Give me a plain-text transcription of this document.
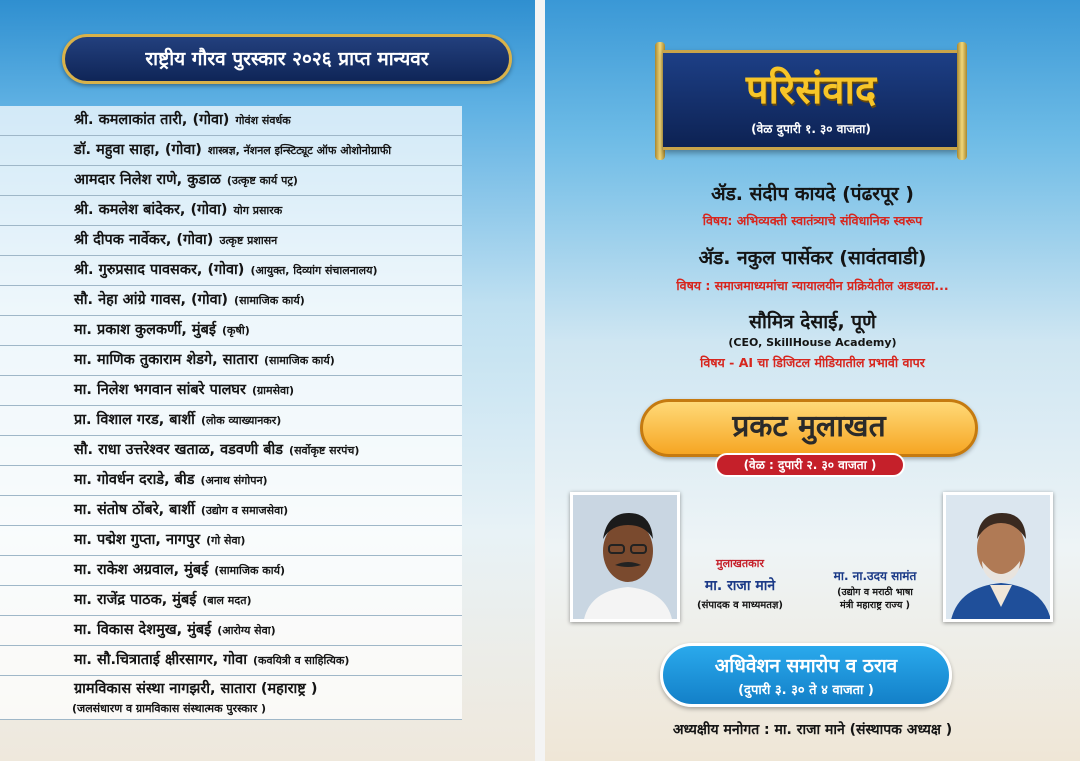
राष्ट्रीय गौरव पुरस्कार २०२६ प्राप्त मान्यवर
श्री. कमलाकांत तारी, (गोवा) गोवंश संवर्धक
डॉ. महुवा साहा, (गोवा) शास्त्रज्ञ, नॅशनल इन्स्टिट्यूट ऑफ ओशोनोग्राफी
आमदार निलेश राणे, कुडाळ (उत्कृष्ट कार्य पट्र)
श्री. कमलेश बांदेकर, (गोवा) योग प्रसारक
श्री दीपक नार्वेकर, (गोवा) उत्कृष्ट प्रशासन
श्री. गुरुप्रसाद पावसकर, (गोवा) (आयुक्त, दिव्यांग संचालनालय)
सौ. नेहा आंग्रे गावस, (गोवा) (सामाजिक कार्य)
मा. प्रकाश कुलकर्णी, मुंबई (कृषी)
मा. माणिक तुकाराम शेडगे, सातारा (सामाजिक कार्य)
मा. निलेश भगवान सांबरे पालघर (ग्रामसेवा)
प्रा. विशाल गरड, बार्शी (लोक व्याख्यानकर)
सौ. राधा उत्तरेश्वर खताळ, वडवणी बीड (सर्वोकृष्ट सरपंच)
मा. गोवर्धन दराडे, बीड (अनाथ संगोपन)
मा. संतोष ठोंबरे, बार्शी (उद्योग व समाजसेवा)
मा. पद्मेश गुप्ता, नागपुर (गो सेवा)
मा. राकेश अग्रवाल, मुंबई (सामाजिक कार्य)
मा. राजेंद्र पाठक, मुंबई (बाल मदत)
मा. विकास देशमुख, मुंबई (आरोग्य सेवा)
मा. सौ.चित्राताई क्षीरसागर, गोवा (कवयित्री व साहित्यिक)
ग्रामविकास संस्था नागझरी, सातारा (महाराष्ट्र )
(जलसंधारण व ग्रामविकास संस्थात्मक पुरस्कार )
परिसंवाद
(वेळ दुपारी १. ३० वाजता)
ॲड. संदीप कायदे (पंढरपूर )
विषय: अभिव्यक्ती स्वातंत्र्याचे संविधानिक स्वरूप
ॲड. नकुल पार्सेकर (सावंतवाडी)
विषय : समाजमाध्यमांचा न्यायालयीन प्रक्रियेतील अडथळा...
सौमित्र देसाई, पूणे
(CEO, SkillHouse Academy)
विषय - AI चा डिजिटल मीडियातील प्रभावी वापर
प्रकट मुलाखत
(वेळ : दुपारी २. ३० वाजता )
मुलाखतकार
मा. राजा माने
(संपादक व माध्यमतज्ञ)
मा. ना.उदय सामंत
(उद्योग व मराठी भाषा
मंत्री महाराष्ट्र राज्य )
अधिवेशन समारोप व ठराव
(दुपारी ३. ३० ते ४ वाजता )
अध्यक्षीय मनोगत : मा. राजा माने (संस्थापक अध्यक्ष )
